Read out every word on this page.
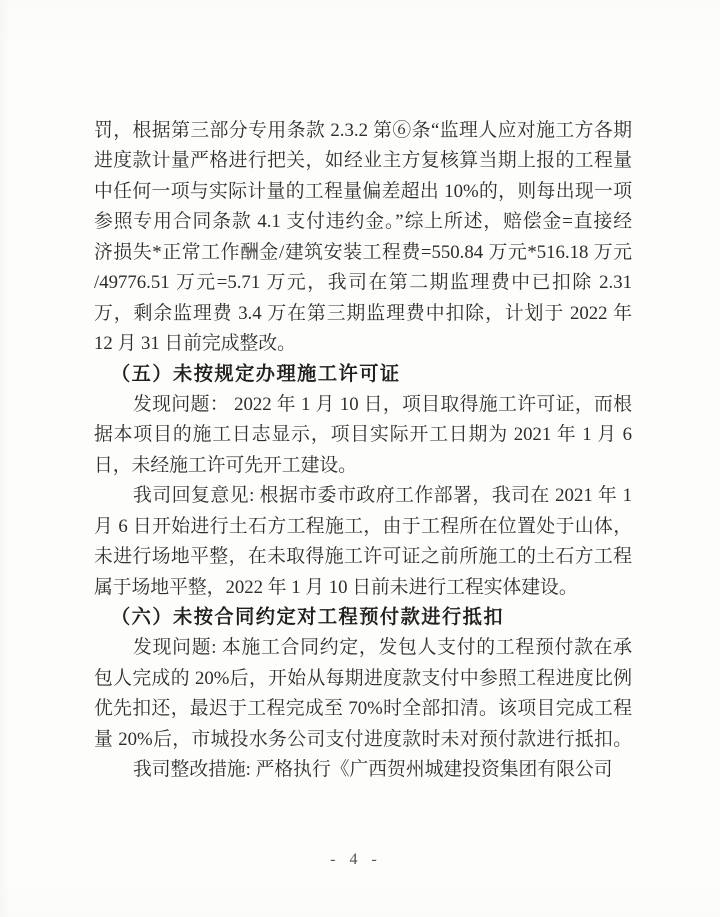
罚，根据第三部分专用条款 2.3.2 第⑥条“监理人应对施工方各期
进度款计量严格进行把关，如经业主方复核算当期上报的工程量
中任何一项与实际计量的工程量偏差超出 10%的，则每出现一项
参照专用合同条款 4.1 支付违约金。”综上所述，赔偿金=直接经
济损失*正常工作酬金/建筑安装工程费=550.84 万元*516.18 万元
/49776.51 万元=5.71 万元，我司在第二期监理费中已扣除 2.31
万，剩余监理费 3.4 万在第三期监理费中扣除，计划于 2022 年
12 月 31 日前完成整改。
（五）未按规定办理施工许可证
发现问题： 2022 年 1 月 10 日，项目取得施工许可证，而根
据本项目的施工日志显示，项目实际开工日期为 2021 年 1 月 6
日，未经施工许可先开工建设。
我司回复意见: 根据市委市政府工作部署，我司在 2021 年 1
月 6 日开始进行土石方工程施工，由于工程所在位置处于山体，
未进行场地平整，在未取得施工许可证之前所施工的土石方工程
属于场地平整，2022 年 1 月 10 日前未进行工程实体建设。
（六）未按合同约定对工程预付款进行抵扣
发现问题: 本施工合同约定，发包人支付的工程预付款在承
包人完成的 20%后，开始从每期进度款支付中参照工程进度比例
优先扣还，最迟于工程完成至 70%时全部扣清。该项目完成工程
量 20%后，市城投水务公司支付进度款时未对预付款进行抵扣。
我司整改措施: 严格执行《广西贺州城建投资集团有限公司
- 4 -
